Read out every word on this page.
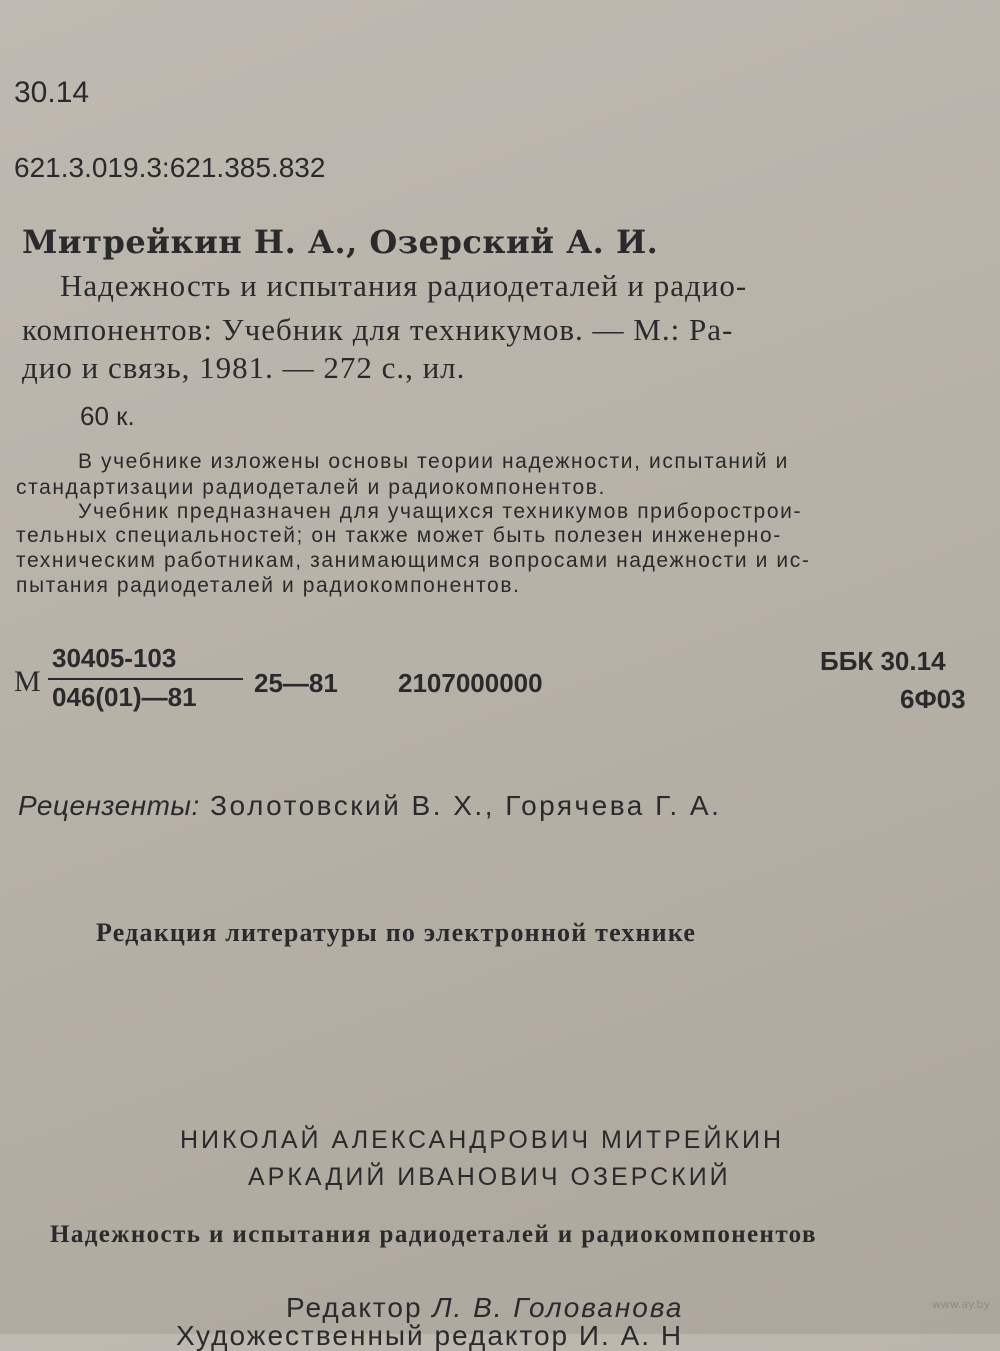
30.14
621.3.019.3:621.385.832
Митрейкин Н. А., Озерский А. И.
Надежность и испытания радиодеталей и радио-
компонентов: Учебник для техникумов. — М.: Ра-
дио и связь, 1981. — 272 с., ил.
60 к.
В учебнике изложены основы теории надежности, испытаний и
стандартизации радиодеталей и радиокомпонентов.
Учебник предназначен для учащихся техникумов приборострои-
тельных специальностей; он также может быть полезен инженерно-
техническим работникам, занимающимся вопросами надежности и ис-
пытания радиодеталей и радиокомпонентов.
М
30405-103
046(01)—81 25—81 2107000000
ББК 30.14
6Ф03
Рецензенты: Золотовский В. Х., Горячева Г. А.
Редакция литературы по электронной технике
НИКОЛАЙ АЛЕКСАНДРОВИЧ МИТРЕЙКИН
АРКАДИЙ ИВАНОВИЧ ОЗЕРСКИЙ
Надежность и испытания радиодеталей и радиокомпонентов
Редактор Л. В. Голованова
Художественный редактор И. А. Н
www.ay.by
